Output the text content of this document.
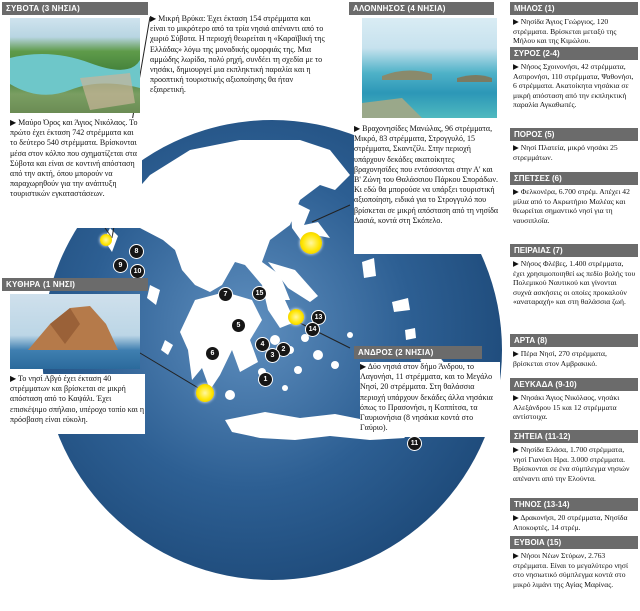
1
2
3
4
5
6
7
8
9
10
11
13
14
15
ΣΥΒΟΤΑ (3 ΝΗΣΙΑ)

▶ Μαύρο Όρος και Άγιος Νικόλαος. Το πρώτο έχει έκταση 742 στρέμματα και το δεύτερο 540 στρέμματα. Βρίσκονται μέσα στον κόλπο που σχηματίζεται στα Σύβοτα και είναι σε κοντινή απόσταση από την ακτή, όπου μπορούν να παραχωρηθούν για την ανάπτυξη τουριστικών εγκαταστάσεων.

▶ Μικρή Βρύκα: Έχει έκταση 154 στρέμματα και είναι το μικρότερο από τα τρία νησιά απέναντι από το χωριό Σύβοτα. Η περιοχή θεωρείται η «Καραϊβική της Ελλάδας» λόγω της μοναδικής ομορφιάς της. Μια αμμώδης λωρίδα, πολύ ρηχή, συνδέει τη σχεδία με το νησάκι, δημιουργεί μια εκπληκτική παραλία και η προοπτική τουριστικής αξιοποίησης θα ήταν εξαιρετική.

ΑΛΟΝΝΗΣΟΣ (4 ΝΗΣΙΑ)

▶ Βραχονησίδες Μανώλας, 96 στρέμματα, Μικρό, 83 στρέμματα, Στρογγυλό, 15 στρέμματα, Σκαντζίλι. Στην περιοχή υπάρχουν δεκάδες ακατοίκητες βραχονησίδες που εντάσσονται στην Α' και Β' Ζώνη του Θαλάσσιου Πάρκου Σποράδων. Κι εδώ θα μπορούσε να υπάρξει τουριστική αξιοποίηση, ειδικά για το Στρογγυλό που βρίσκεται σε μικρή απόσταση από τη νησίδα Δασιά, κοντά στη Σκόπελο.

ΚΥΘΗΡΑ (1 ΝΗΣΙ)

▶ Το νησί Αβγό έχει έκταση 40 στρέμματων και βρίσκεται σε μικρή απόσταση από το Καψάλι. Έχει επισκέψιμο σπήλαιο, υπέροχο τοπίο και η πρόσβαση είναι εύκολη.

ΑΝΔΡΟΣ (2 ΝΗΣΙΑ)

▶ Δύο νησιά στον δήμο Άνδρου, το Λαγονήσι, 11 στρέμματα, και το Μεγάλο Νησί, 20 στρέμματα. Στη θαλάσσια περιοχή υπάρχουν δεκάδες άλλα νησάκια όπως το Πρασονήσι, η Κοππίτσα, τα Γαυριονήσια (8 νησάκια κοντά στο Γαύριο).

ΜΗΛΟΣ (1)

▶ Νησίδα Άγιος Γεώργιος, 120 στρέμματα. Βρίσκεται μεταξύ της Μήλου και της Κιμώλου.

ΣΥΡΟΣ (2-4)

▶ Νήσος Σχοινονήσι, 42 στρέμματα, Ασπρονήσι, 110 στρέμματα, Ψαθονήσι, 6 στρέμματα. Ακατοίκητα νησάκια σε μικρή απόσταση από την εκπληκτική παραλία Αγκαθωπές.

ΠΟΡΟΣ (5)

▶ Νησί Πλατεία, μικρό νησάκι 25 στρεμμάτων.

ΣΠΕΤΣΕΣ (6)

▶ Φελκονέρα, 6.700 στρέμ. Απέχει 42 μίλια από το Ακρωτήριο Μαλέας και θεωρείται σημαντικό νησί για τη ναυσιπλοΐα.

ΠΕΙΡΑΙΑΣ (7)

▶ Νήσος Φλέβες, 1.400 στρέμματα, έχει χρησιμοποιηθεί ως πεδίο βολής του Πολεμικού Ναυτικού και γίνονται συχνά ασκήσεις οι οποίες προκαλούν «αναταραχή» και στη θαλάσσια ζωή.

ΑΡΤΑ (8)

▶ Πέρα Νησί, 270 στρέμματα, βρίσκεται στον Αμβρακικό.

ΛΕΥΚΑΔΑ (9-10)

▶ Νησάκι Άγιος Νικόλαος, νησάκι Αλεξάνδρου 15 και 12 στρέμματα αντίστοιχα.

ΣΗΤΕΙΑ (11-12)

▶ Νησίδα Ελάσα, 1.700 στρέμματα, νησί Γιανύσι Ηρα. 3.000 στρέμματα. Βρίσκονται σε ένα σύμπλεγμα νησιών απέναντι από την Ελούντα.

ΤΗΝΟΣ (13-14)

▶ Δρακονήσι, 20 στρέμματα, Νησίδα Αποκοφτές, 14 στρέμ.

ΕΥΒΟΙΑ (15)

▶ Νήσοι Νέων Στύρων, 2.763 στρέμματα. Είναι το μεγαλύτερο νησί στο νησιωτικό σύμπλεγμα κοντά στο μικρό λιμάνι της Αγίας Μαρίνας.
